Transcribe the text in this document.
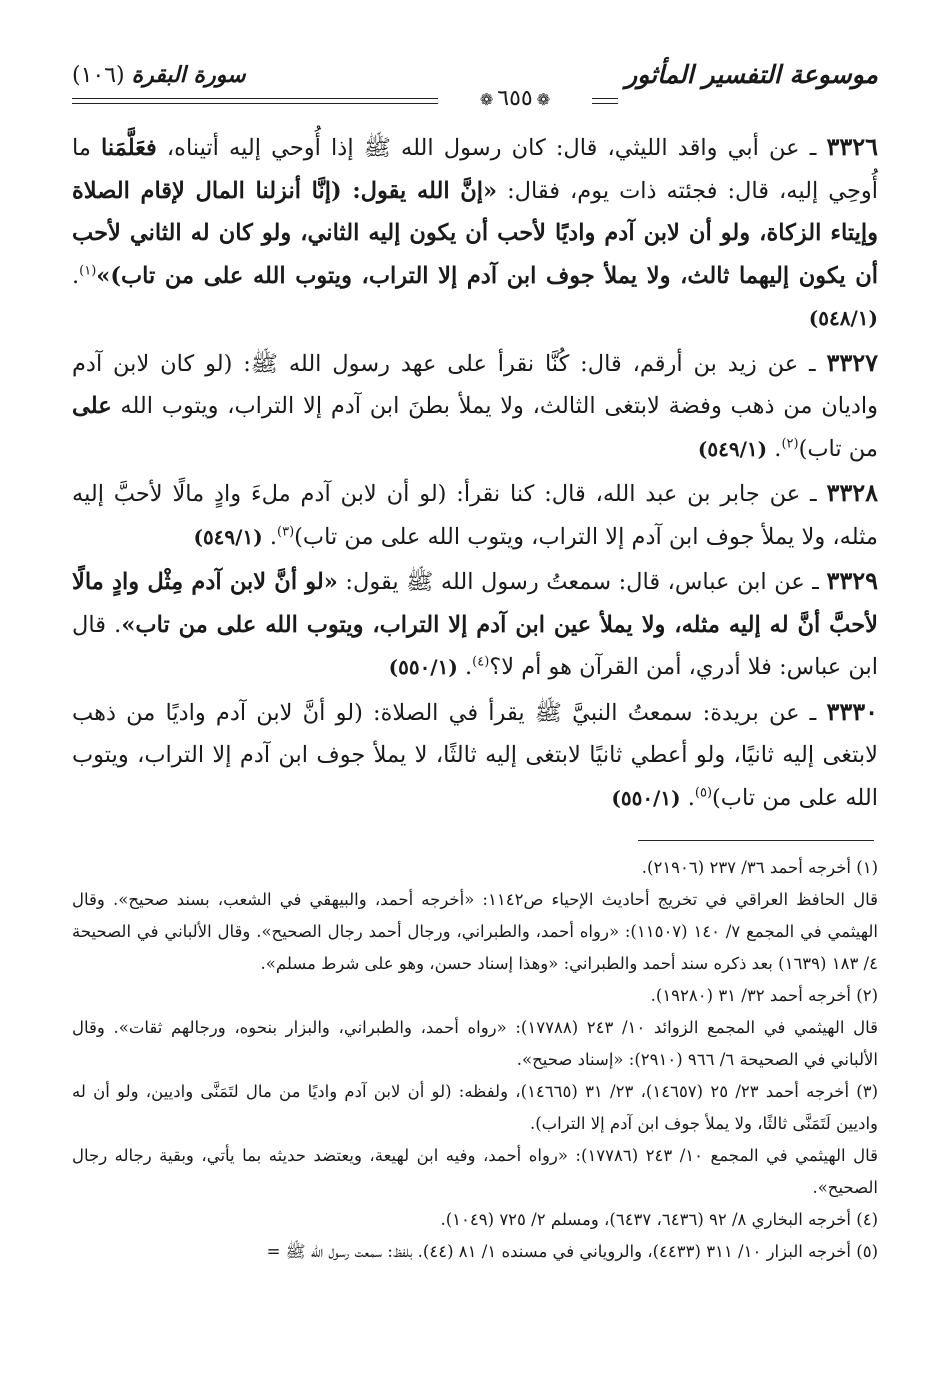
موسوعة التفسير المأثور
❁٦٥٥❁
سورة البقرة (١٠٦)

٣٣٢٦ ـ عن أبي واقد الليثي، قال: كان رسول الله ﷺ إذا أُوحي إليه أتيناه، فعَلَّمَنا ما أُوحِي إليه، قال: فجئته ذات يوم، فقال: «إنَّ الله يقول: (إنَّا أنزلنا المال لإقام الصلاة وإيتاء الزكاة، ولو أن لابن آدم واديًا لأحب أن يكون إليه الثاني، ولو كان له الثاني لأحب أن يكون إليهما ثالث، ولا يملأ جوف ابن آدم إلا التراب، ويتوب الله على من تاب)»$^{(١)}$. (٥٤٨/١)

٣٣٢٧ ـ عن زيد بن أرقم، قال: كُنَّا نقرأ على عهد رسول الله ﷺ: (لو كان لابن آدم واديان من ذهب وفضة لابتغى الثالث، ولا يملأ بطنَ ابن آدم إلا التراب، ويتوب الله على من تاب)$^{(٢)}$. (٥٤٩/١)

٣٣٢٨ ـ عن جابر بن عبد الله، قال: كنا نقرأ: (لو أن لابن آدم ملءَ وادٍ مالًا لأحبَّ إليه مثله، ولا يملأ جوف ابن آدم إلا التراب، ويتوب الله على من تاب)$^{(٣)}$. (٥٤٩/١)

٣٣٢٩ ـ عن ابن عباس، قال: سمعتُ رسول الله ﷺ يقول: «لو أنَّ لابن آدم مِثْل وادٍ مالًا لأحبَّ أنَّ له إليه مثله، ولا يملأ عين ابن آدم إلا التراب، ويتوب الله على من تاب». قال ابن عباس: فلا أدري، أمن القرآن هو أم لا؟$^{(٤)}$. (٥٥٠/١)

٣٣٣٠ ـ عن بريدة: سمعتُ النبيَّ ﷺ يقرأ في الصلاة: (لو أنَّ لابن آدم واديًا من ذهب لابتغى إليه ثانيًا، ولو أعطي ثانيًا لابتغى إليه ثالثًا، لا يملأ جوف ابن آدم إلا التراب، ويتوب الله على من تاب)$^{(٥)}$. (٥٥٠/١)

(١) أخرجه أحمد ٣٦/ ٢٣٧ (٢١٩٠٦).

قال الحافظ العراقي في تخريج أحاديث الإحياء ص١١٤٢: «أخرجه أحمد، والبيهقي في الشعب، بسند صحيح». وقال الهيثمي في المجمع ٧/ ١٤٠ (١١٥٠٧): «رواه أحمد، والطبراني، ورجال أحمد رجال الصحيح». وقال الألباني في الصحيحة ٤/ ١٨٣ (١٦٣٩) بعد ذكره سند أحمد والطبراني: «وهذا إسناد حسن، وهو على شرط مسلم».

(٢) أخرجه أحمد ٣٢/ ٣١ (١٩٢٨٠).

قال الهيثمي في المجمع الزوائد ١٠/ ٢٤٣ (١٧٧٨٨): «رواه أحمد، والطبراني، والبزار بنحوه، ورجالهم ثقات». وقال الألباني في الصحيحة ٦/ ٩٦٦ (٢٩١٠): «إسناد صحيح».

(٣) أخرجه أحمد ٢٣/ ٢٥ (١٤٦٥٧)، ٢٣/ ٣١ (١٤٦٦٥)، ولفظه: (لو أن لابن آدم واديًا من مال لتَمَنَّى واديين، ولو أن له واديين لَتَمَنَّى ثالثًا، ولا يملأ جوف ابن آدم إلا التراب).

قال الهيثمي في المجمع ١٠/ ٢٤٣ (١٧٧٨٦): «رواه أحمد، وفيه ابن لهيعة، ويعتضد حديثه بما يأتي، وبقية رجاله رجال الصحيح».

(٤) أخرجه البخاري ٨/ ٩٢ (٦٤٣٦، ٦٤٣٧)، ومسلم ٢/ ٧٢٥ (١٠٤٩).

(٥) أخرجه البزار ١٠/ ٣١١ (٤٤٣٣)، والروياني في مسنده ١/ ٨١ (٤٤). بلفظ: سمعت رسول الله ﷺ =
